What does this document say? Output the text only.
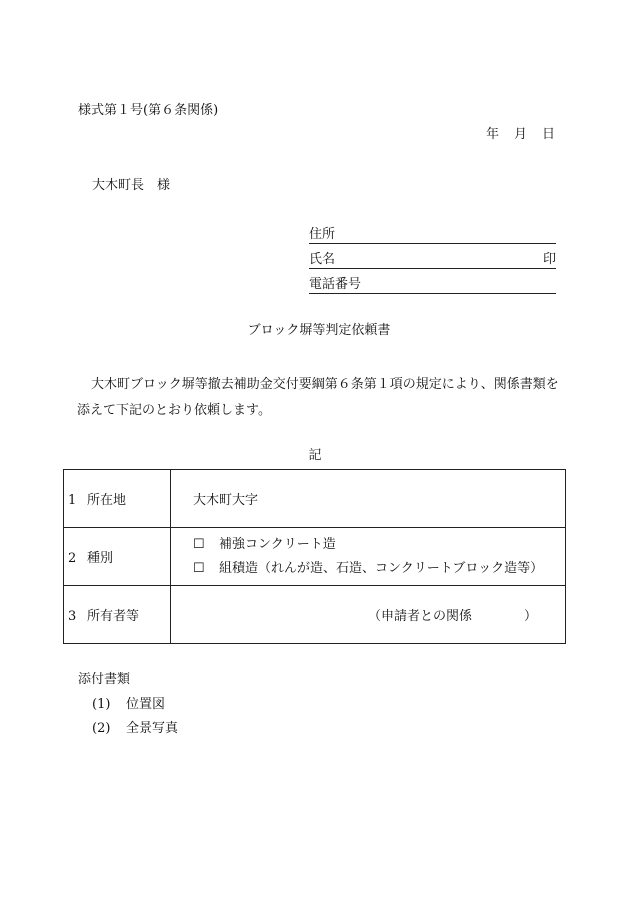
様式第１号(第６条関係)
年 月 日
大木町長　様
住所
氏名	印
電話番号
ブロック塀等判定依頼書
大木町ブロック塀等撤去補助金交付要綱第６条第１項の規定により、関係書類を添えて下記のとおり依頼します。
記
1 所在地	大木町大字
2 種別	☐ 補強コンクリート造
☐ 組積造（れんが造、石造、コンクリートブロック造等）

3 所有者等	（申請者との関係　　　　）
添付書類
(1) 位置図
(2) 全景写真
